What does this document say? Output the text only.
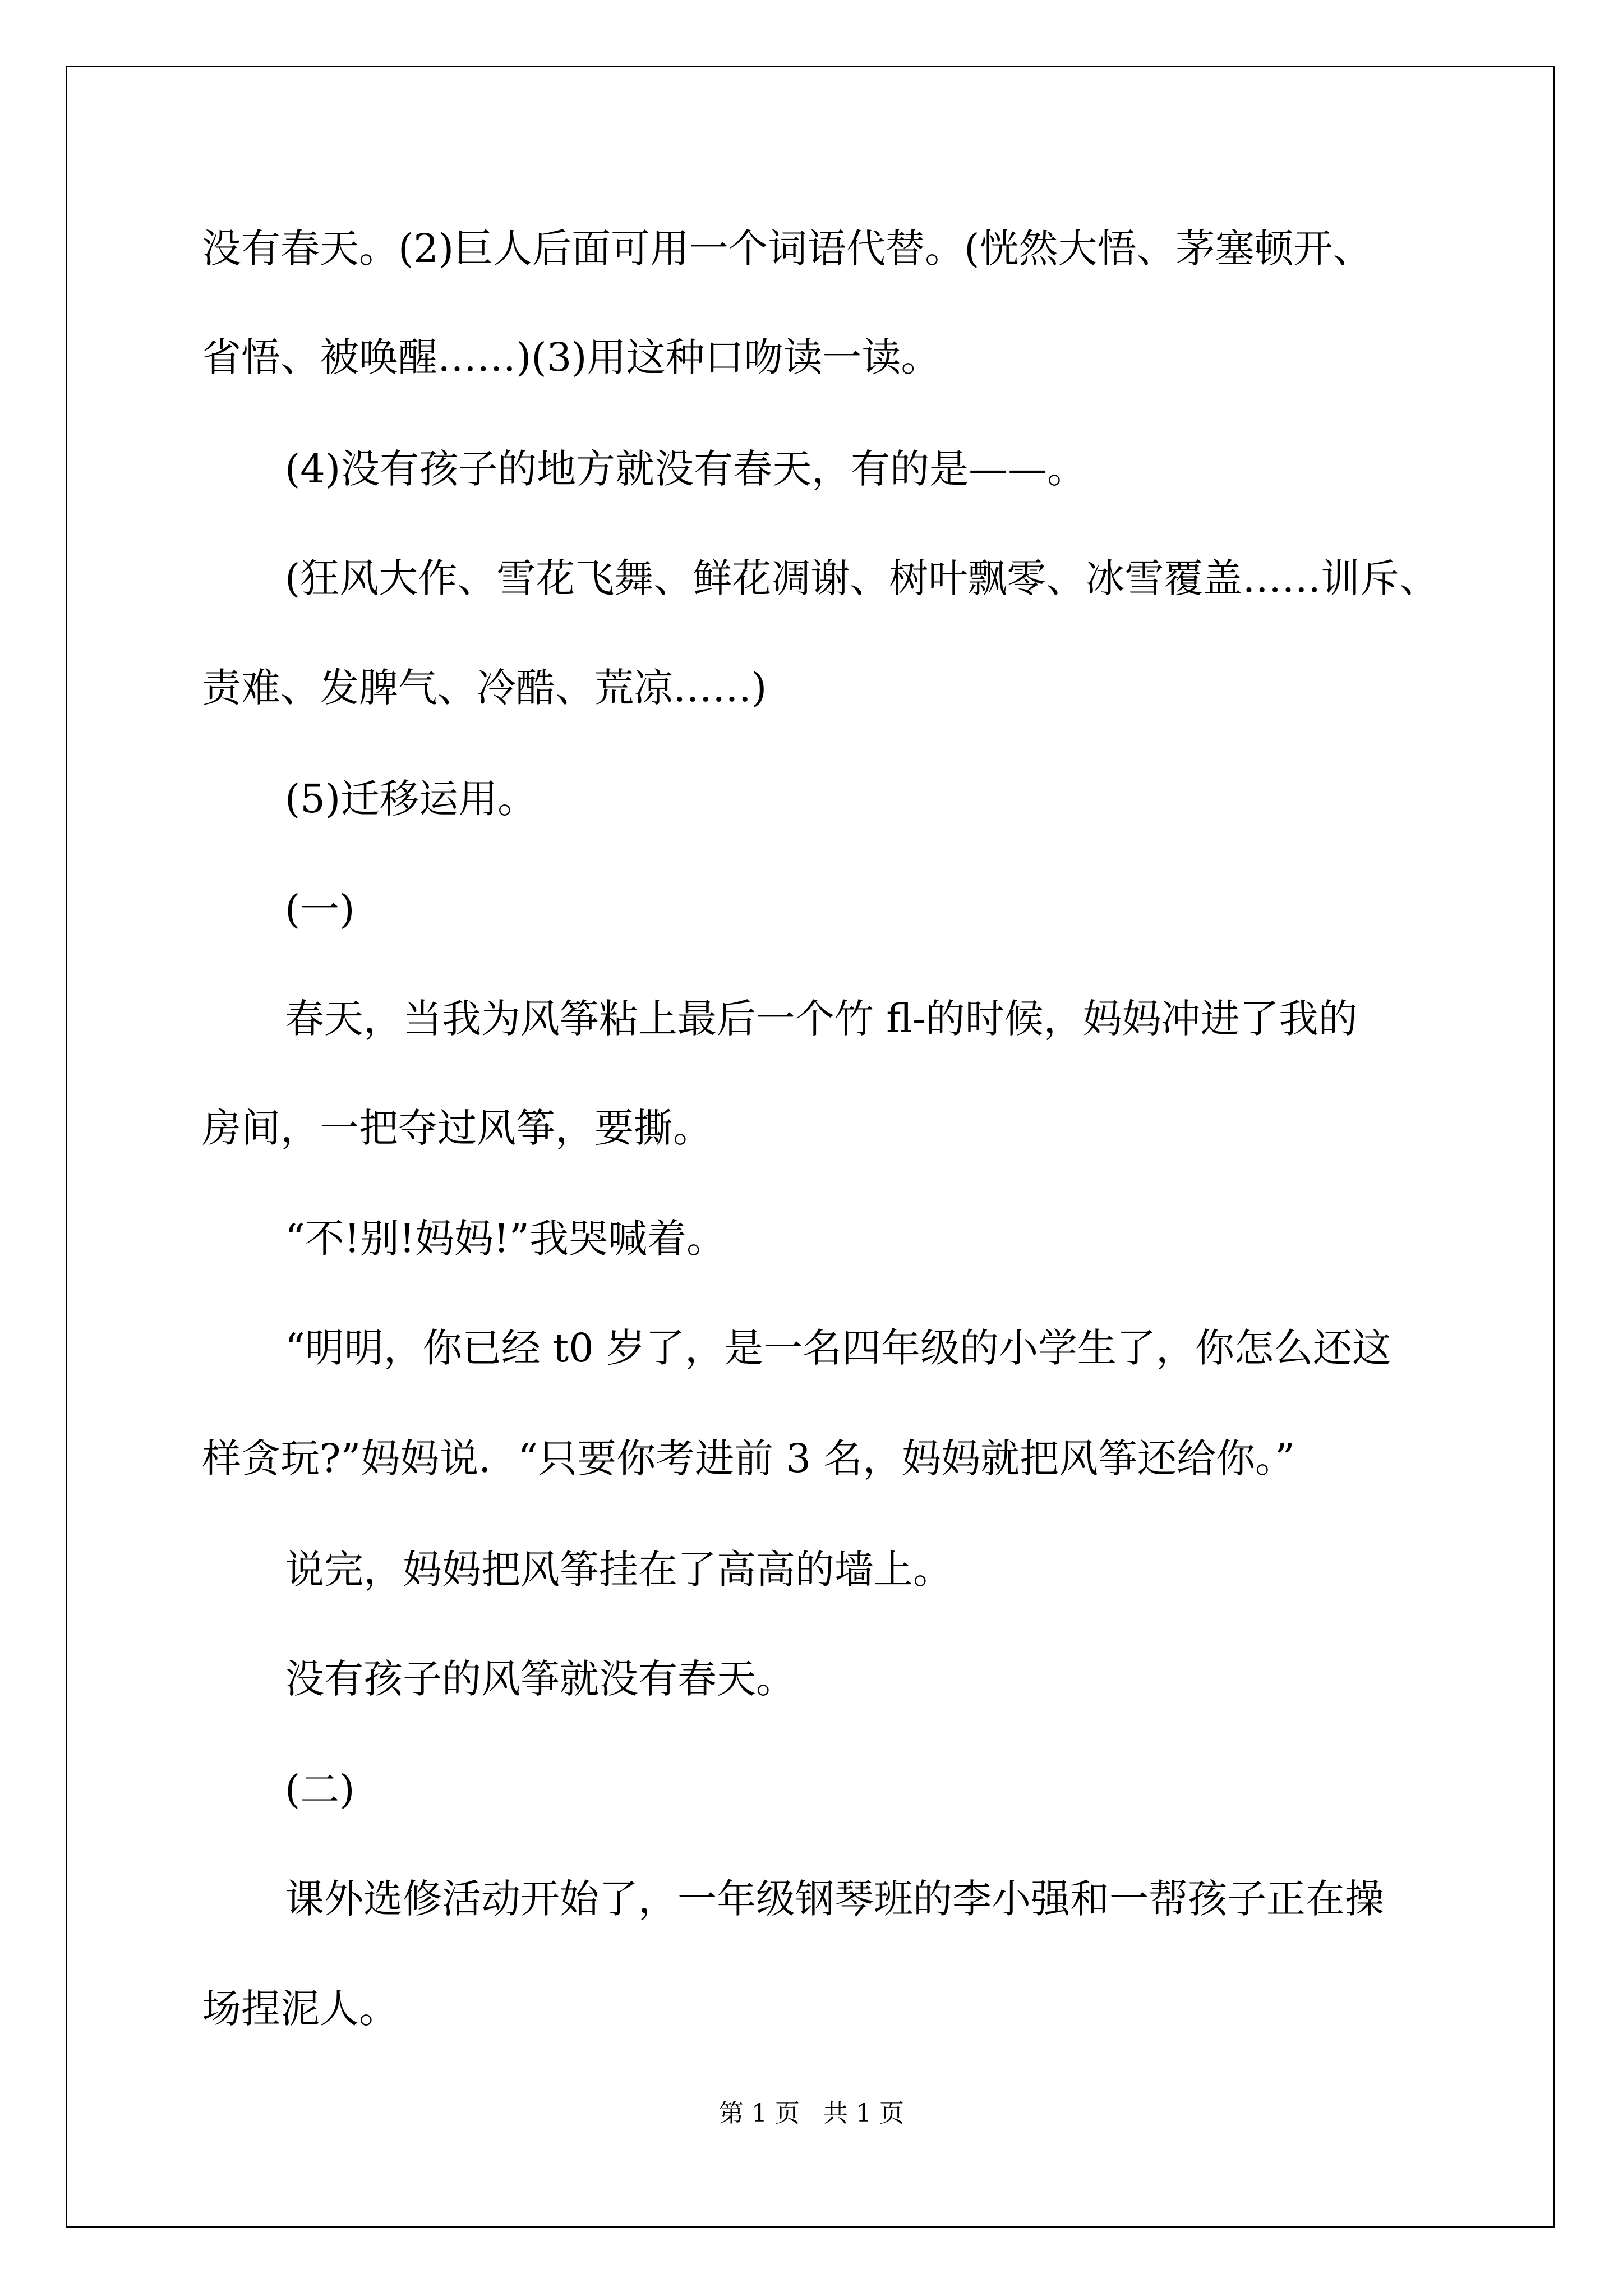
没有春天。(2)巨人后面可用一个词语代替。(恍然大悟、茅塞顿开、
省悟、被唤醒……)(3)用这种口吻读一读。
(4)没有孩子的地方就没有春天，有的是——。
(狂风大作、雪花飞舞、鲜花凋谢、树叶飘零、冰雪覆盖……训斥、
责难、发脾气、冷酷、荒凉……)
(5)迁移运用。
(一)
春天，当我为风筝粘上最后一个竹 fl-的时候，妈妈冲进了我的
房间，一把夺过风筝，要撕。
“不!别!妈妈!”我哭喊着。
“明明，你已经 t0 岁了，是一名四年级的小学生了，你怎么还这
样贪玩?”妈妈说．“只要你考进前 3 名，妈妈就把风筝还给你。”
说完，妈妈把风筝挂在了高高的墙上。
没有孩子的风筝就没有春天。
(二)
课外选修活动开始了，一年级钢琴班的李小强和一帮孩子正在操
场捏泥人。
第 1 页 共 1 页
